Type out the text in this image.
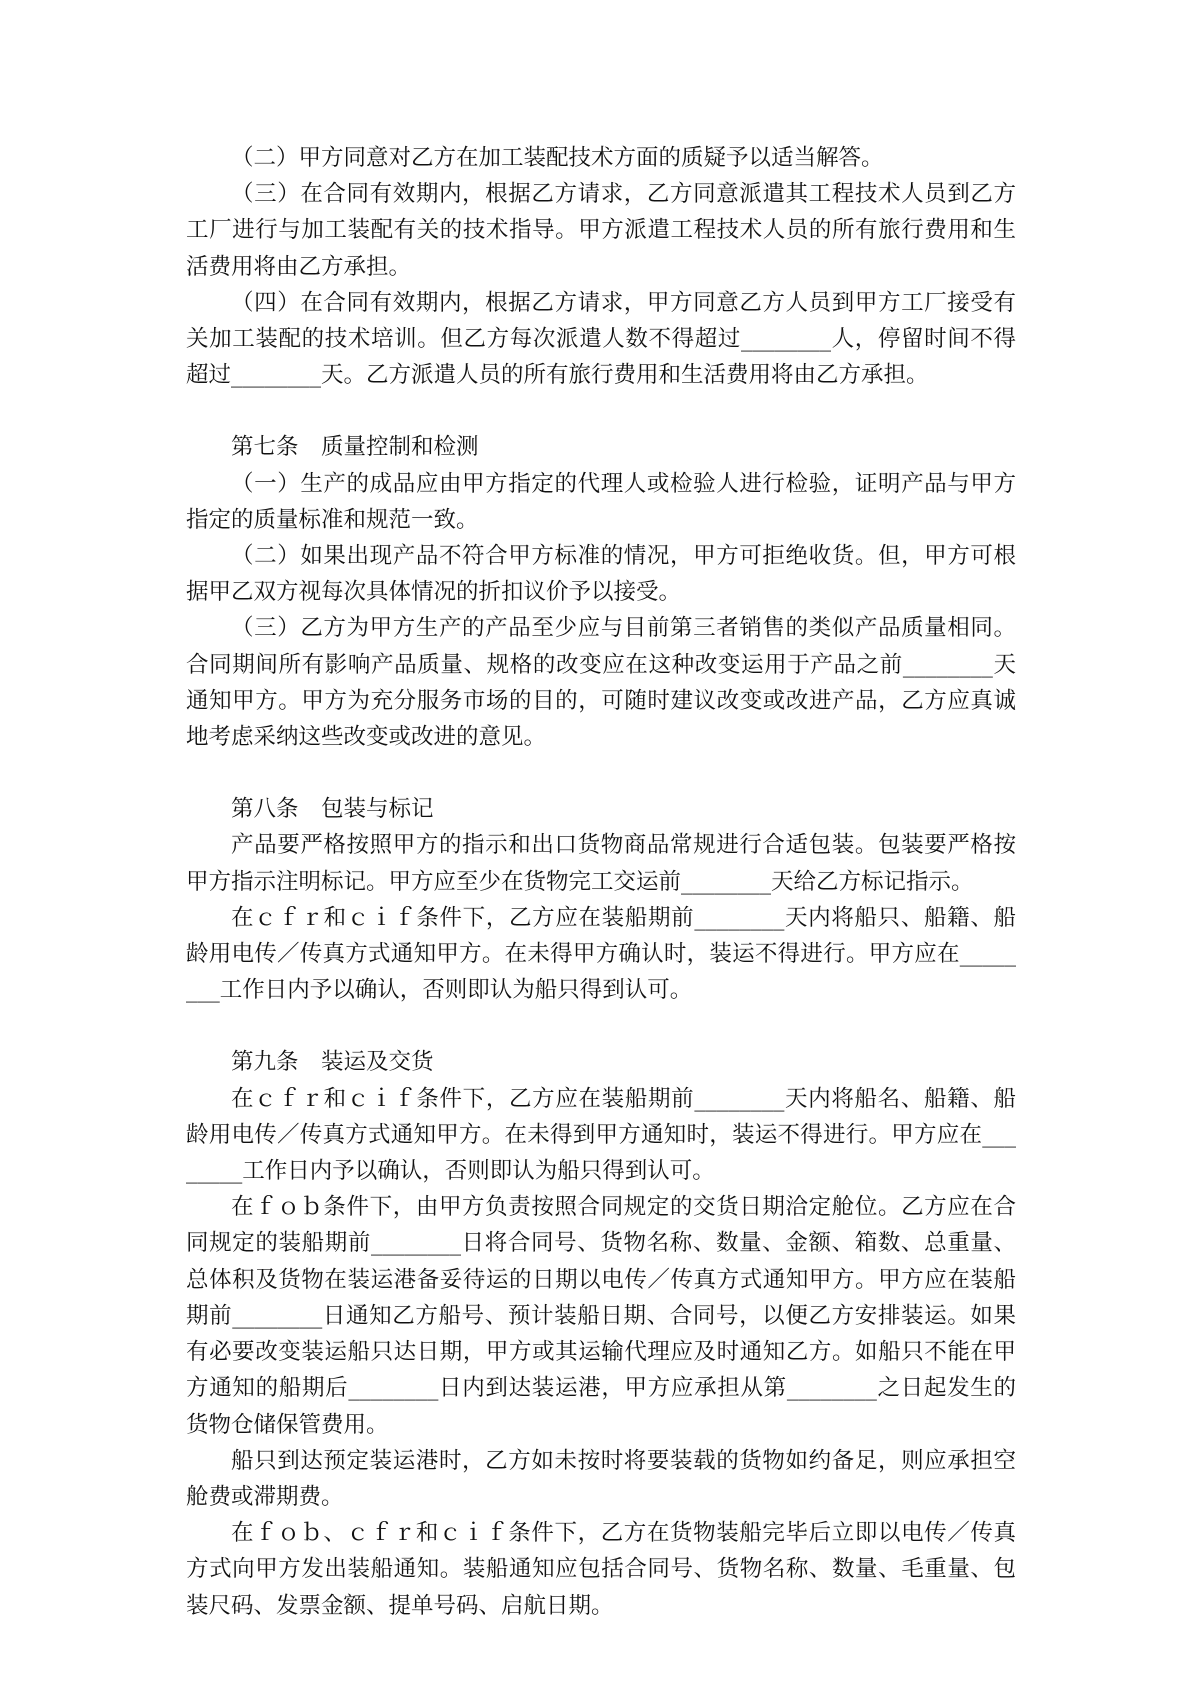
（二）甲方同意对乙方在加工装配技术方面的质疑予以适当解答。

（三）在合同有效期内，根据乙方请求，乙方同意派遣其工程技术人员到乙方工厂进行与加工装配有关的技术指导。甲方派遣工程技术人员的所有旅行费用和生活费用将由乙方承担。

（四）在合同有效期内，根据乙方请求，甲方同意乙方人员到甲方工厂接受有关加工装配的技术培训。但乙方每次派遣人数不得超过________人，停留时间不得超过________天。乙方派遣人员的所有旅行费用和生活费用将由乙方承担。

第七条　质量控制和检测

（一）生产的成品应由甲方指定的代理人或检验人进行检验，证明产品与甲方指定的质量标准和规范一致。

（二）如果出现产品不符合甲方标准的情况，甲方可拒绝收货。但，甲方可根据甲乙双方视每次具体情况的折扣议价予以接受。

（三）乙方为甲方生产的产品至少应与目前第三者销售的类似产品质量相同。合同期间所有影响产品质量、规格的改变应在这种改变运用于产品之前________天通知甲方。甲方为充分服务市场的目的，可随时建议改变或改进产品，乙方应真诚地考虑采纳这些改变或改进的意见。

第八条　包装与标记

产品要严格按照甲方的指示和出口货物商品常规进行合适包装。包装要严格按甲方指示注明标记。甲方应至少在货物完工交运前________天给乙方标记指示。

在ｃｆｒ和ｃｉｆ条件下，乙方应在装船期前________天内将船只、船籍、船龄用电传／传真方式通知甲方。在未得甲方确认时，装运不得进行。甲方应在________工作日内予以确认，否则即认为船只得到认可。

第九条　装运及交货

在ｃｆｒ和ｃｉｆ条件下，乙方应在装船期前________天内将船名、船籍、船龄用电传／传真方式通知甲方。在未得到甲方通知时，装运不得进行。甲方应在________工作日内予以确认，否则即认为船只得到认可。

在ｆｏｂ条件下，由甲方负责按照合同规定的交货日期洽定舱位。乙方应在合同规定的装船期前________日将合同号、货物名称、数量、金额、箱数、总重量、总体积及货物在装运港备妥待运的日期以电传／传真方式通知甲方。甲方应在装船期前________日通知乙方船号、预计装船日期、合同号，以便乙方安排装运。如果有必要改变装运船只达日期，甲方或其运输代理应及时通知乙方。如船只不能在甲方通知的船期后________日内到达装运港，甲方应承担从第________之日起发生的货物仓储保管费用。

船只到达预定装运港时，乙方如未按时将要装载的货物如约备足，则应承担空舱费或滞期费。

在ｆｏｂ、ｃｆｒ和ｃｉｆ条件下，乙方在货物装船完毕后立即以电传／传真方式向甲方发出装船通知。装船通知应包括合同号、货物名称、数量、毛重量、包装尺码、发票金额、提单号码、启航日期。
